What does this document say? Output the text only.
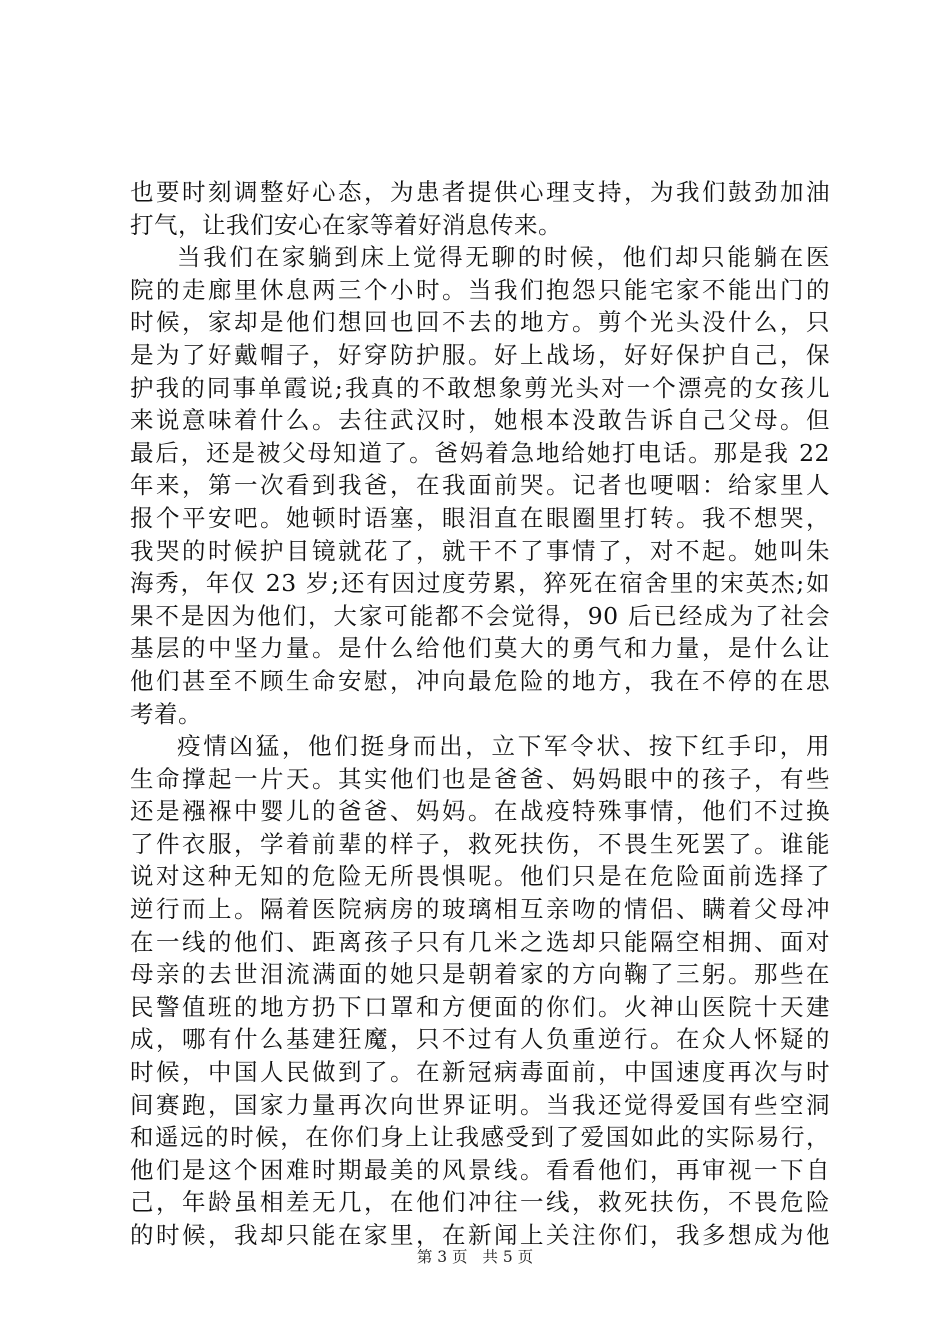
也要时刻调整好心态，为患者提供心理支持，为我们鼓劲加油
打气，让我们安心在家等着好消息传来。
当我们在家躺到床上觉得无聊的时候，他们却只能躺在医
院的走廊里休息两三个小时。当我们抱怨只能宅家不能出门的
时候，家却是他们想回也回不去的地方。剪个光头没什么，只
是为了好戴帽子，好穿防护服。好上战场，好好保护自己，保
护我的同事单霞说;我真的不敢想象剪光头对一个漂亮的女孩儿
来说意味着什么。去往武汉时，她根本没敢告诉自己父母。但
最后，还是被父母知道了。爸妈着急地给她打电话。那是我 22
年来，第一次看到我爸，在我面前哭。记者也哽咽：给家里人
报个平安吧。她顿时语塞，眼泪直在眼圈里打转。我不想哭，
我哭的时候护目镜就花了，就干不了事情了，对不起。她叫朱
海秀，年仅 23 岁;还有因过度劳累，猝死在宿舍里的宋英杰;如
果不是因为他们，大家可能都不会觉得，90 后已经成为了社会
基层的中坚力量。是什么给他们莫大的勇气和力量，是什么让
他们甚至不顾生命安慰，冲向最危险的地方，我在不停的在思
考着。
疫情凶猛，他们挺身而出，立下军令状、按下红手印，用
生命撑起一片天。其实他们也是爸爸、妈妈眼中的孩子，有些
还是襁褓中婴儿的爸爸、妈妈。在战疫特殊事情，他们不过换
了件衣服，学着前辈的样子，救死扶伤，不畏生死罢了。谁能
说对这种无知的危险无所畏惧呢。他们只是在危险面前选择了
逆行而上。隔着医院病房的玻璃相互亲吻的情侣、瞒着父母冲
在一线的他们、距离孩子只有几米之选却只能隔空相拥、面对
母亲的去世泪流满面的她只是朝着家的方向鞠了三躬。那些在
民警值班的地方扔下口罩和方便面的你们。火神山医院十天建
成，哪有什么基建狂魔，只不过有人负重逆行。在众人怀疑的
时候，中国人民做到了。在新冠病毒面前，中国速度再次与时
间赛跑，国家力量再次向世界证明。当我还觉得爱国有些空洞
和遥远的时候，在你们身上让我感受到了爱国如此的实际易行，
他们是这个困难时期最美的风景线。看看他们，再审视一下自
己，年龄虽相差无几，在他们冲往一线，救死扶伤，不畏危险
的时候，我却只能在家里，在新闻上关注你们，我多想成为他
第 3 页 共 5 页
